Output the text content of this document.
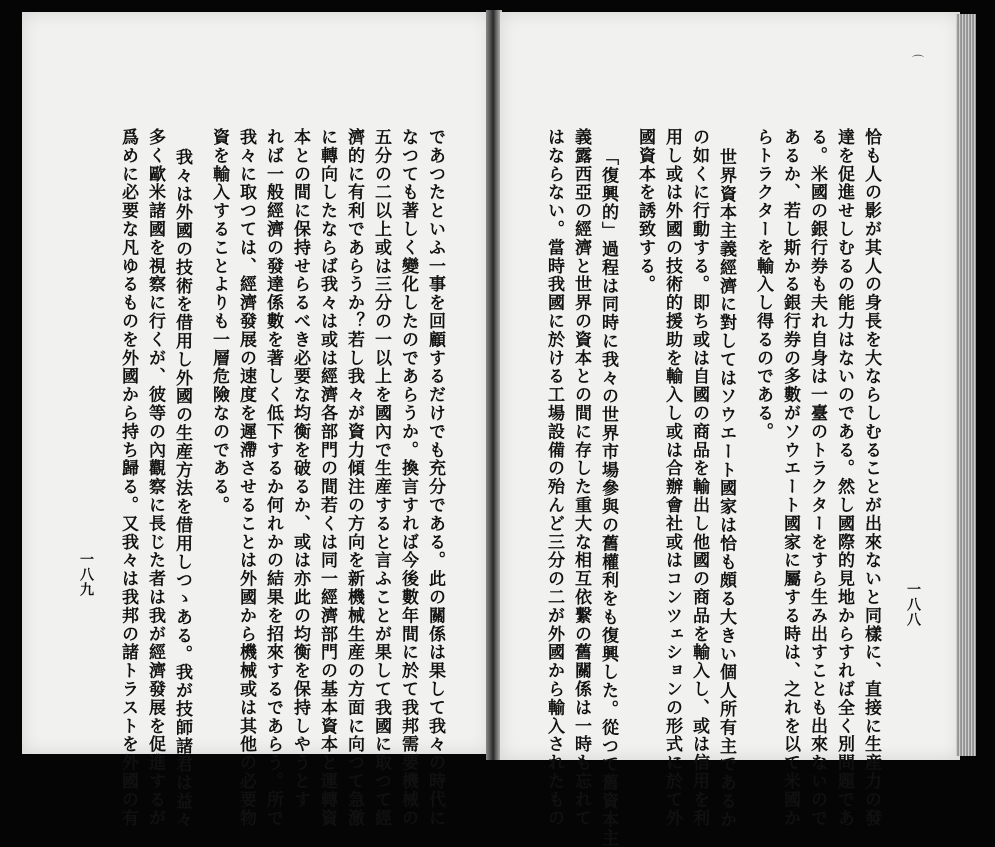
⌒
一八八
恰も人の影が其人の身長を大ならしむることが出來ないと同樣に、直接に生産力の發
達を促進せしむるの能力はないのである。然し國際的見地からすれば全く別問題であ
る。米國の銀行券も夫れ自身は一臺のトラクターをすら生み出すことも出來ないので
あるか、若し斯かる銀行券の多數がソウエート國家に屬する時は、之れを以て米國か
らトラクターを輸入し得るのである。
世界資本主義經濟に對してはソウエート國家は恰も頗る大きい個人所有主であるか
の如くに行動する。即ち或は自國の商品を輸出し他國の商品を輸入し、或は信用を利
用し或は外國の技術的援助を輸入し或は合辦會社或はコンツェションの形式に於て外
國資本を誘致する。
「復興的」過程は同時に我々の世界市場參與の舊權利をも復興した。從つて舊資本主
義露西亞の經濟と世界の資本との間に存した重大な相互依繋の舊關係は一時も忘れて
はならない。當時我國に於ける工場設備の殆んど三分の二が外國から輸入されたもの
であつたといふ一事を回顧するだけでも充分である。此の關係は果して我々の時代に
なつても著しく變化したのであらうか。換言すれば今後數年間に於て我邦需要機械の
五分の二以上或は三分の一以上を國內で生産すると言ふことが果して我國に取つて經
濟的に有利であらうか？若し我々が資力傾注の方向を新機械生産の方面に向つて急激
に轉向したならば我々は或は經濟各部門の間若くは同一經濟部門の基本資本と運轉資
本との間に保持せらるべき必要な均衡を破るか、或は亦此の均衡を保持しやうとす
れば一般經濟の發達係數を著しく低下するか何れかの結果を招來するであらう。所で
我々に取つては、經濟發展の速度を遲滯させることは外國から機械或は其他の必要物
資を輸入することよりも一層危險なのである。
我々は外國の技術を借用し外國の生産方法を借用しつゝある。我が技師諸君は益々
多く歐米諸國を視察に行くが、彼等の內觀察に長じた者は我が經濟發展を促進するが
爲めに必要な凡ゆるものを外國から持ち歸る。又我々は我邦の諸トラストを外國の有
一八九
